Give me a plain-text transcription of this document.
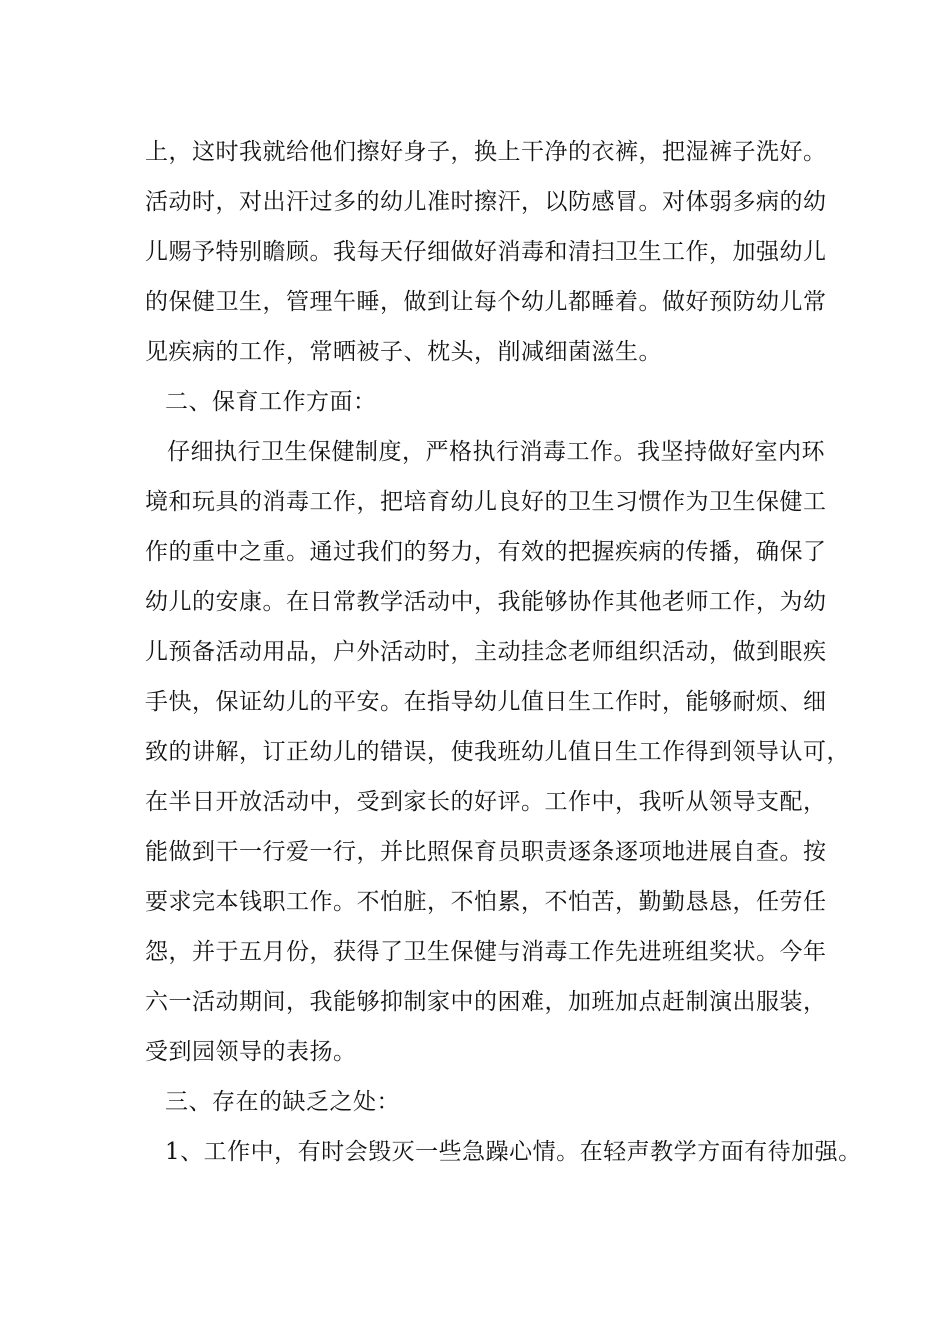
上，这时我就给他们擦好身子，换上干净的衣裤，把湿裤子洗好。
活动时，对出汗过多的幼儿准时擦汗，以防感冒。对体弱多病的幼
儿赐予特别瞻顾。我每天仔细做好消毒和清扫卫生工作，加强幼儿
的保健卫生，管理午睡，做到让每个幼儿都睡着。做好预防幼儿常
见疾病的工作，常晒被子、枕头，削减细菌滋生。
二、保育工作方面：
仔细执行卫生保健制度，严格执行消毒工作。我坚持做好室内环
境和玩具的消毒工作，把培育幼儿良好的卫生习惯作为卫生保健工
作的重中之重。通过我们的努力，有效的把握疾病的传播，确保了
幼儿的安康。在日常教学活动中，我能够协作其他老师工作，为幼
儿预备活动用品，户外活动时，主动挂念老师组织活动，做到眼疾
手快，保证幼儿的平安。在指导幼儿值日生工作时，能够耐烦、细
致的讲解，订正幼儿的错误，使我班幼儿值日生工作得到领导认可，
在半日开放活动中，受到家长的好评。工作中，我听从领导支配，
能做到干一行爱一行，并比照保育员职责逐条逐项地进展自查。按
要求完本钱职工作。不怕脏，不怕累，不怕苦，勤勤恳恳，任劳任
怨，并于五月份，获得了卫生保健与消毒工作先进班组奖状。今年
六一活动期间，我能够抑制家中的困难，加班加点赶制演出服装，
受到园领导的表扬。
三、存在的缺乏之处：
1、工作中，有时会毁灭一些急躁心情。在轻声教学方面有待加强。
